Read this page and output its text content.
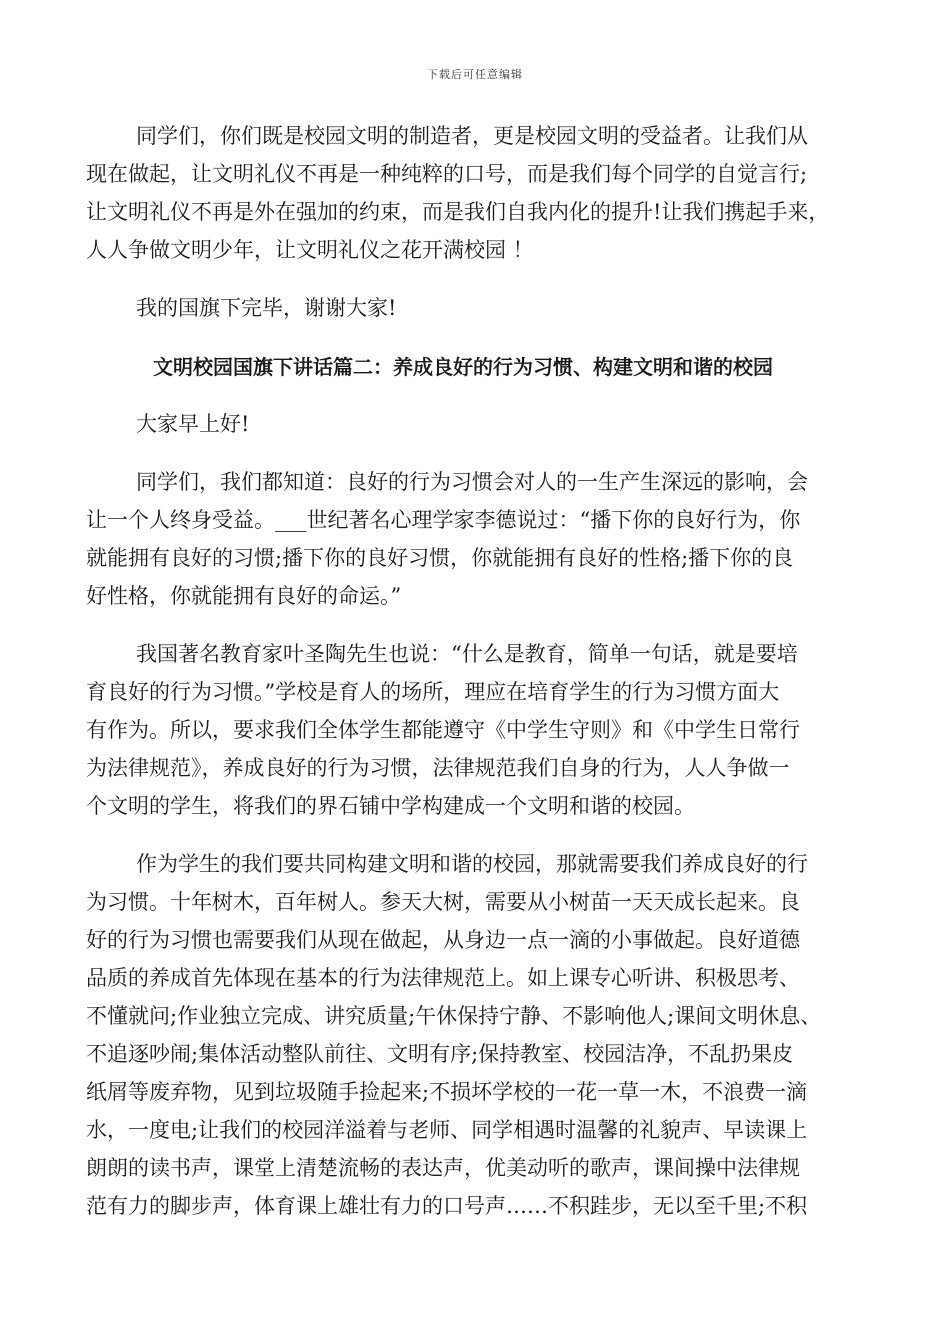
下载后可任意编辑
同学们，你们既是校园文明的制造者，更是校园文明的受益者。让我们从
现在做起，让文明礼仪不再是一种纯粹的口号，而是我们每个同学的自觉言行;
让文明礼仪不再是外在强加的约束，而是我们自我内化的提升!让我们携起手来，
人人争做文明少年，让文明礼仪之花开满校园 ！
我的国旗下完毕，谢谢大家!
文明校园国旗下讲话篇二：养成良好的行为习惯、构建文明和谐的校园
大家早上好!
同学们，我们都知道：良好的行为习惯会对人的一生产生深远的影响，会
让一个人终身受益。___世纪著名心理学家李德说过：“播下你的良好行为，你
就能拥有良好的习惯;播下你的良好习惯，你就能拥有良好的性格;播下你的良
好性格，你就能拥有良好的命运。”
我国著名教育家叶圣陶先生也说：“什么是教育，简单一句话，就是要培
育良好的行为习惯。”学校是育人的场所，理应在培育学生的行为习惯方面大
有作为。所以，要求我们全体学生都能遵守《中学生守则》和《中学生日常行
为法律规范》，养成良好的行为习惯，法律规范我们自身的行为，人人争做一
个文明的学生，将我们的界石铺中学构建成一个文明和谐的校园。
作为学生的我们要共同构建文明和谐的校园，那就需要我们养成良好的行
为习惯。十年树木，百年树人。参天大树，需要从小树苗一天天成长起来。良
好的行为习惯也需要我们从现在做起，从身边一点一滴的小事做起。良好道德
品质的养成首先体现在基本的行为法律规范上。如上课专心听讲、积极思考、
不懂就问;作业独立完成、讲究质量;午休保持宁静、不影响他人;课间文明休息、
不追逐吵闹;集体活动整队前往、文明有序;保持教室、校园洁净，不乱扔果皮
纸屑等废弃物，见到垃圾随手捡起来;不损坏学校的一花一草一木，不浪费一滴
水，一度电;让我们的校园洋溢着与老师、同学相遇时温馨的礼貌声、早读课上
朗朗的读书声，课堂上清楚流畅的表达声，优美动听的歌声，课间操中法律规
范有力的脚步声，体育课上雄壮有力的口号声……不积跬步，无以至千里;不积
